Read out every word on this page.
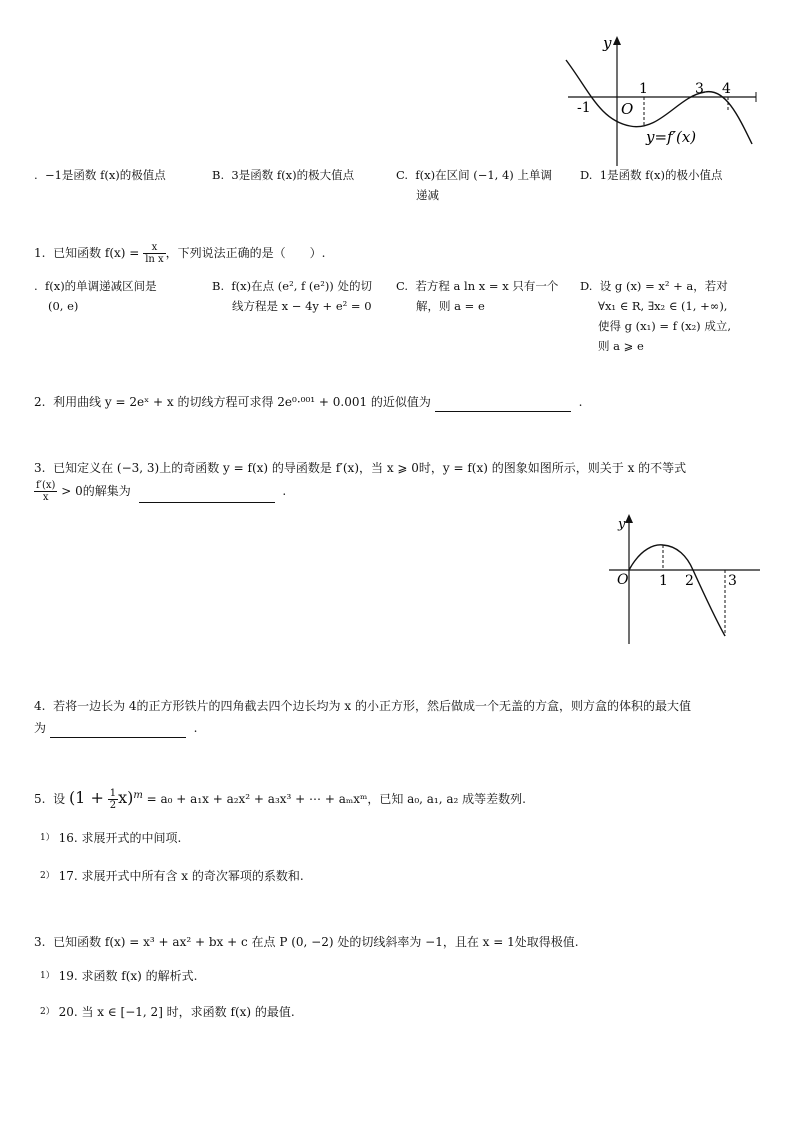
y
-1 O
1	3 4
y=f′(x)
. −1是函数 f(x)的极值点	B. 3是函数 f(x)的极大值点	C. f(x)在区间 (−1, 4) 上单调
递减
D. 1是函数 f(x)的极小值点
1. 已知函数 $f(x) = \frac{x}{\text{ln x}}$ ，下列说法正确的是（　　）.
. f(x)的单调递减区间是
(0, e)
B. f(x)在点 (e², f (e²)) 处的切
线方程是 x − 4y + e² = 0
C. 若方程 a ln x = x 只有一个
解，则 a = e
D. 设 g (x) = x² + a，若对
∀x₁ ∈ R, ∃x₂ ∈ (1, +∞),
使得 g (x₁) = f (x₂) 成立,
则 a ⩾ e
2. 利用曲线 y = 2eˣ + x 的切线方程可求得 2e⁰·⁰⁰¹ + 0.001 的近似值为	.
3. 已知定义在 (−3, 3)上的奇函数 y = f(x) 的导函数是 f′(x)，当 x ⩾ 0时，y = f(x) 的图象如图所示，则关于 x 的不等式
$\frac{f'(x)}{x} > 0$的解集为	.
y
O 1 2 3
4. 若将一边长为 4的正方形铁片的四角截去四个边长均为 x 的小正方形，然后做成一个无盖的方盒，则方盒的体积的最大值
为	.
5. 设 $(1 + \frac{1}{2} x)^m = a_0 + a_1x + a_2x^2 + a_3x^3$ + ⋯ + aₘxᵐ，已知 a₀, a₁, a₂ 成等差数列.
$^{1)}$ 16. 求展开式的中间项.
$^{2)}$ 17. 求展开式中所有含 x 的奇次幂项的系数和.
3. 已知函数 f(x) = x³ + ax² + bx + c 在点 P (0, −2) 处的切线斜率为 −1，且在 x = 1处取得极值.
$^{1)}$ 19. 求函数 f(x) 的解析式.
$^{2)}$ 20. 当 x ∈ [−1, 2] 时，求函数 f(x) 的最值.
